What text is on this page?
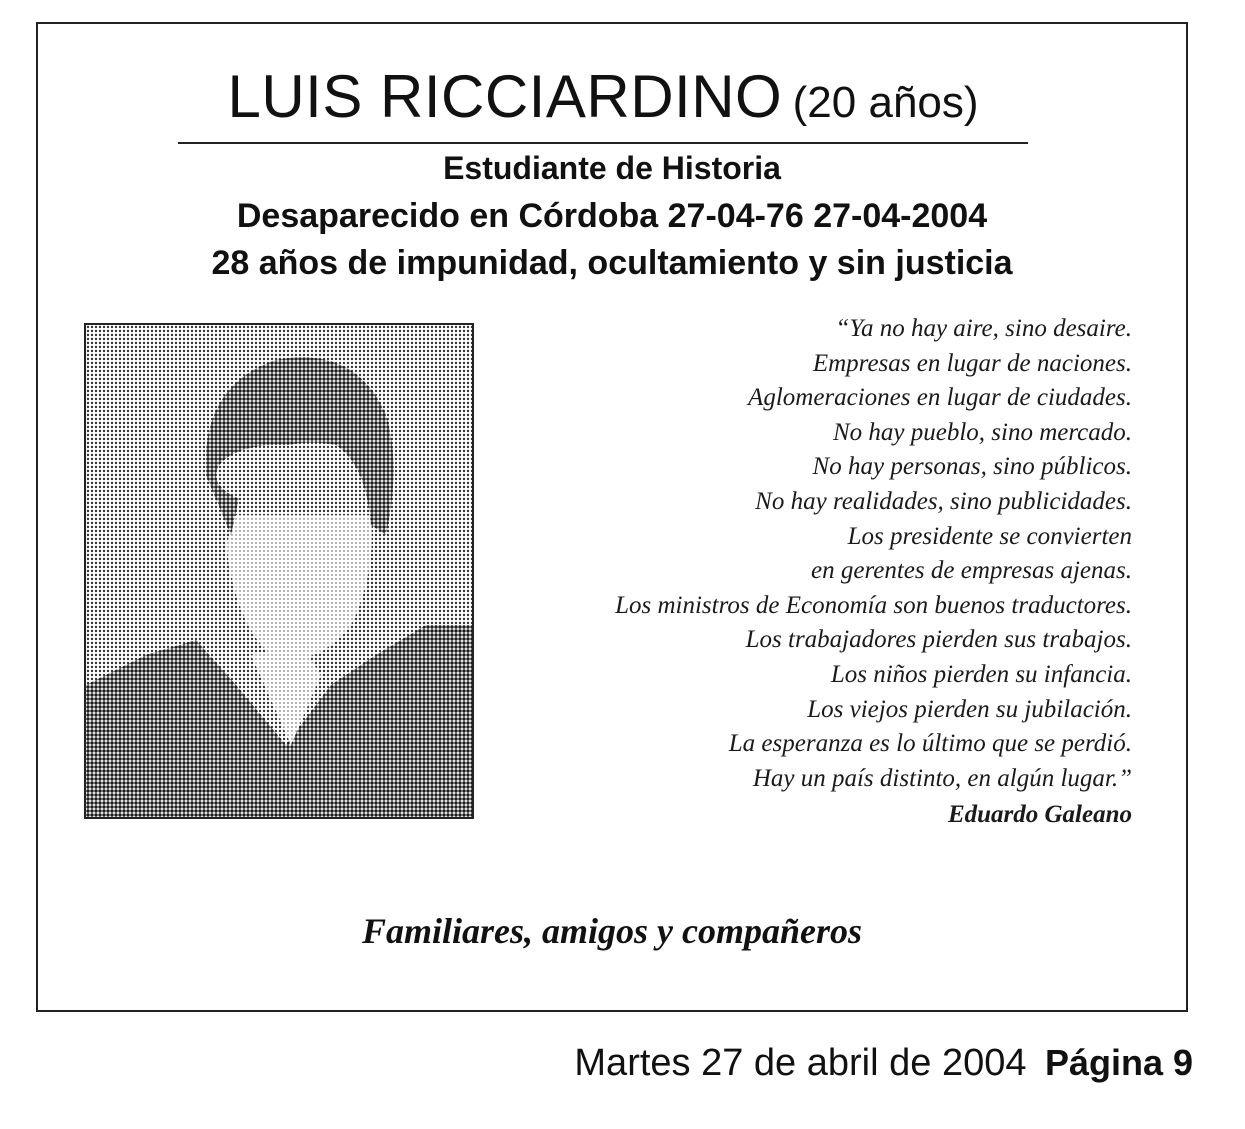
LUIS RICCIARDINO (20 años)
Estudiante de Historia
Desaparecido en Córdoba 27-04-76 27-04-2004
28 años de impunidad, ocultamiento y sin justicia
“Ya no hay aire, sino desaire.
Empresas en lugar de naciones.
Aglomeraciones en lugar de ciudades.
No hay pueblo, sino mercado.
No hay personas, sino públicos.
No hay realidades, sino publicidades.
Los presidente se convierten
en gerentes de empresas ajenas.
Los ministros de Economía son buenos traductores.
Los trabajadores pierden sus trabajos.
Los niños pierden su infancia.
Los viejos pierden su jubilación.
La esperanza es lo último que se perdió.
Hay un país distinto, en algún lugar.”
Eduardo Galeano
Familiares, amigos y compañeros
Martes 27 de abril de 2004 Página 9
